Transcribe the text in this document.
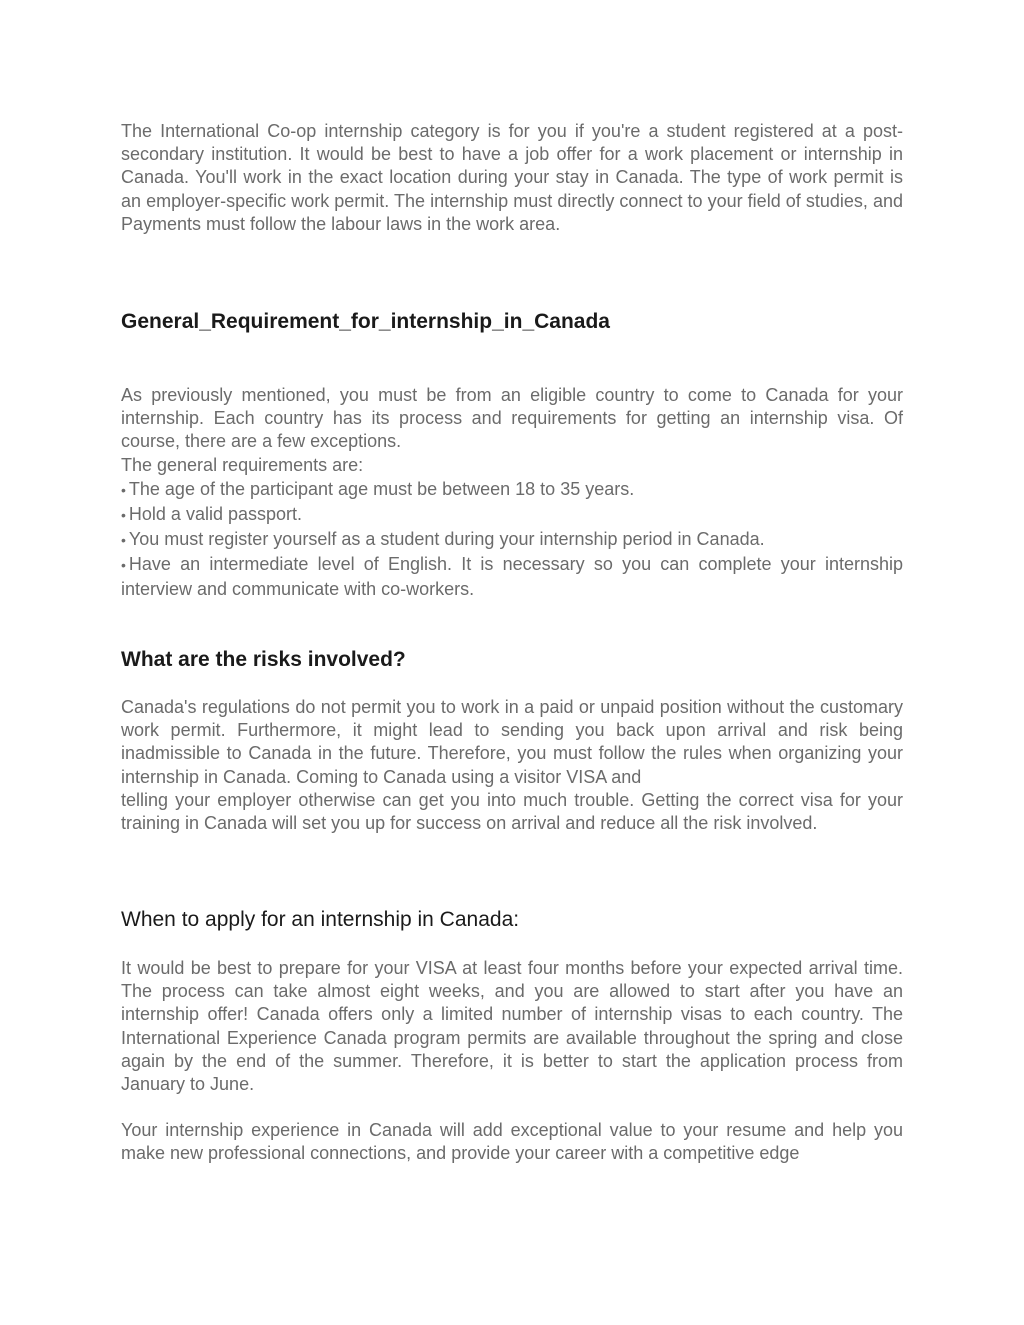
The International Co-op internship category is for you if you're a student registered at a post-secondary institution. It would be best to have a job offer for a work placement or internship in Canada. You'll work in the exact location during your stay in Canada. The type of work permit is an employer-specific work permit. The internship must directly connect to your field of studies, and Payments must follow the labour laws in the work area.

General_Requirement_for_internship_in_Canada

As previously mentioned, you must be from an eligible country to come to Canada for your internship. Each country has its process and requirements for getting an internship visa. Of course, there are a few exceptions.

The general requirements are:
• The age of the participant age must be between 18 to 35 years.
• Hold a valid passport.
• You must register yourself as a student during your internship period in Canada.
• Have an intermediate level of English. It is necessary so you can complete your internship interview and communicate with co-workers.
What are the risks involved?

Canada's regulations do not permit you to work in a paid or unpaid position without the customary work permit. Furthermore, it might lead to sending you back upon arrival and risk being inadmissible to Canada in the future. Therefore, you must follow the rules when organizing your internship in Canada. Coming to Canada using a visitor VISA and

telling your employer otherwise can get you into much trouble. Getting the correct visa for your training in Canada will set you up for success on arrival and reduce all the risk involved.

When to apply for an internship in Canada:

It would be best to prepare for your VISA at least four months before your expected arrival time. The process can take almost eight weeks, and you are allowed to start after you have an internship offer! Canada offers only a limited number of internship visas to each country. The International Experience Canada program permits are available throughout the spring and close again by the end of the summer. Therefore, it is better to start the application process from January to June.

Your internship experience in Canada will add exceptional value to your resume and help you make new professional connections, and provide your career with a competitive edge
